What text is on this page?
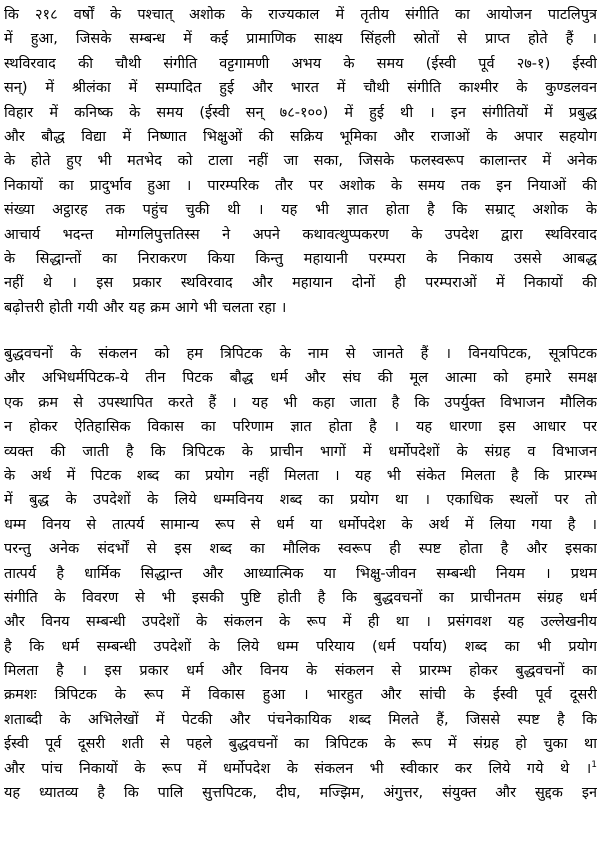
कि २१८ वर्षों के पश्चात् अशोक के राज्यकाल में तृतीय संगीति का आयोजन पाटलिपुत्र
में हुआ, जिसके सम्बन्ध में कई प्रामाणिक साक्ष्य सिंहली स्रोतों से प्राप्त होते हैं ।
स्थविरवाद की चौथी संगीति वट्टगामणी अभय के समय (ईस्वी पूर्व २७-१) ईस्वी
सन्) में श्रीलंका में सम्पादित हुई और भारत में चौथी संगीति काश्मीर के कुण्डलवन
विहार में कनिष्क के समय (ईस्वी सन् ७८-१००) में हुई थी । इन संगीतियों में प्रबुद्ध
और बौद्ध विद्या में निष्णात भिक्षुओं की सक्रिय भूमिका और राजाओं के अपार सहयोग
के होते हुए भी मतभेद को टाला नहीं जा सका, जिसके फलस्वरूप कालान्तर में अनेक
निकायों का प्रादुर्भाव हुआ । पारम्परिक तौर पर अशोक के समय तक इन नियाओं की
संख्या अट्ठारह तक पहुंच चुकी थी । यह भी ज्ञात होता है कि सम्राट् अशोक के
आचार्य भदन्त मोग्गलिपुत्ततिस्स ने अपने कथावत्थुप्पकरण के उपदेश द्वारा स्थविरवाद
के सिद्धान्तों का निराकरण किया किन्तु महायानी परम्परा के निकाय उससे आबद्ध
नहीं थे । इस प्रकार स्थविरवाद और महायान दोनों ही परम्पराओं में निकायों की
बढ़ोत्तरी होती गयी और यह क्रम आगे भी चलता रहा ।
बुद्धवचनों के संकलन को हम त्रिपिटक के नाम से जानते हैं । विनयपिटक, सूत्रपिटक
और अभिधर्मपिटक-ये तीन पिटक बौद्ध धर्म और संघ की मूल आत्मा को हमारे समक्ष
एक क्रम से उपस्थापित करते हैं । यह भी कहा जाता है कि उपर्युक्त विभाजन मौलिक
न होकर ऐतिहासिक विकास का परिणाम ज्ञात होता है । यह धारणा इस आधार पर
व्यक्त की जाती है कि त्रिपिटक के प्राचीन भागों में धर्मोपदेशों के संग्रह व विभाजन
के अर्थ में पिटक शब्द का प्रयोग नहीं मिलता । यह भी संकेत मिलता है कि प्रारम्भ
में बुद्ध के उपदेशों के लिये धम्मविनय शब्द का प्रयोग था । एकाधिक स्थलों पर तो
धम्म विनय से तात्पर्य सामान्य रूप से धर्म या धर्मोपदेश के अर्थ में लिया गया है ।
परन्तु अनेक संदर्भों से इस शब्द का मौलिक स्वरूप ही स्पष्ट होता है और इसका
तात्पर्य है धार्मिक सिद्धान्त और आध्यात्मिक या भिक्षु-जीवन सम्बन्धी नियम । प्रथम
संगीति के विवरण से भी इसकी पुष्टि होती है कि बुद्धवचनों का प्राचीनतम संग्रह धर्म
और विनय सम्बन्धी उपदेशों के संकलन के रूप में ही था । प्रसंगवश यह उल्लेखनीय
है कि धर्म सम्बन्धी उपदेशों के लिये धम्म परियाय (धर्म पर्याय) शब्द का भी प्रयोग
मिलता है । इस प्रकार धर्म और विनय के संकलन से प्रारम्भ होकर बुद्धवचनों का
क्रमशः त्रिपिटक के रूप में विकास हुआ । भारहुत और सांची के ईस्वी पूर्व दूसरी
शताब्दी के अभिलेखों में पेटकी और पंचनेकायिक शब्द मिलते हैं, जिससे स्पष्ट है कि
ईस्वी पूर्व दूसरी शती से पहले बुद्धवचनों का त्रिपिटक के रूप में संग्रह हो चुका था
और पांच निकायों के रूप में धर्मोपदेश के संकलन भी स्वीकार कर लिये गये थे ।$^1$
यह ध्यातव्य है कि पालि सुत्तपिटक, दीघ, मज्झिम, अंगुत्तर, संयुक्त और सुद्दक इन
